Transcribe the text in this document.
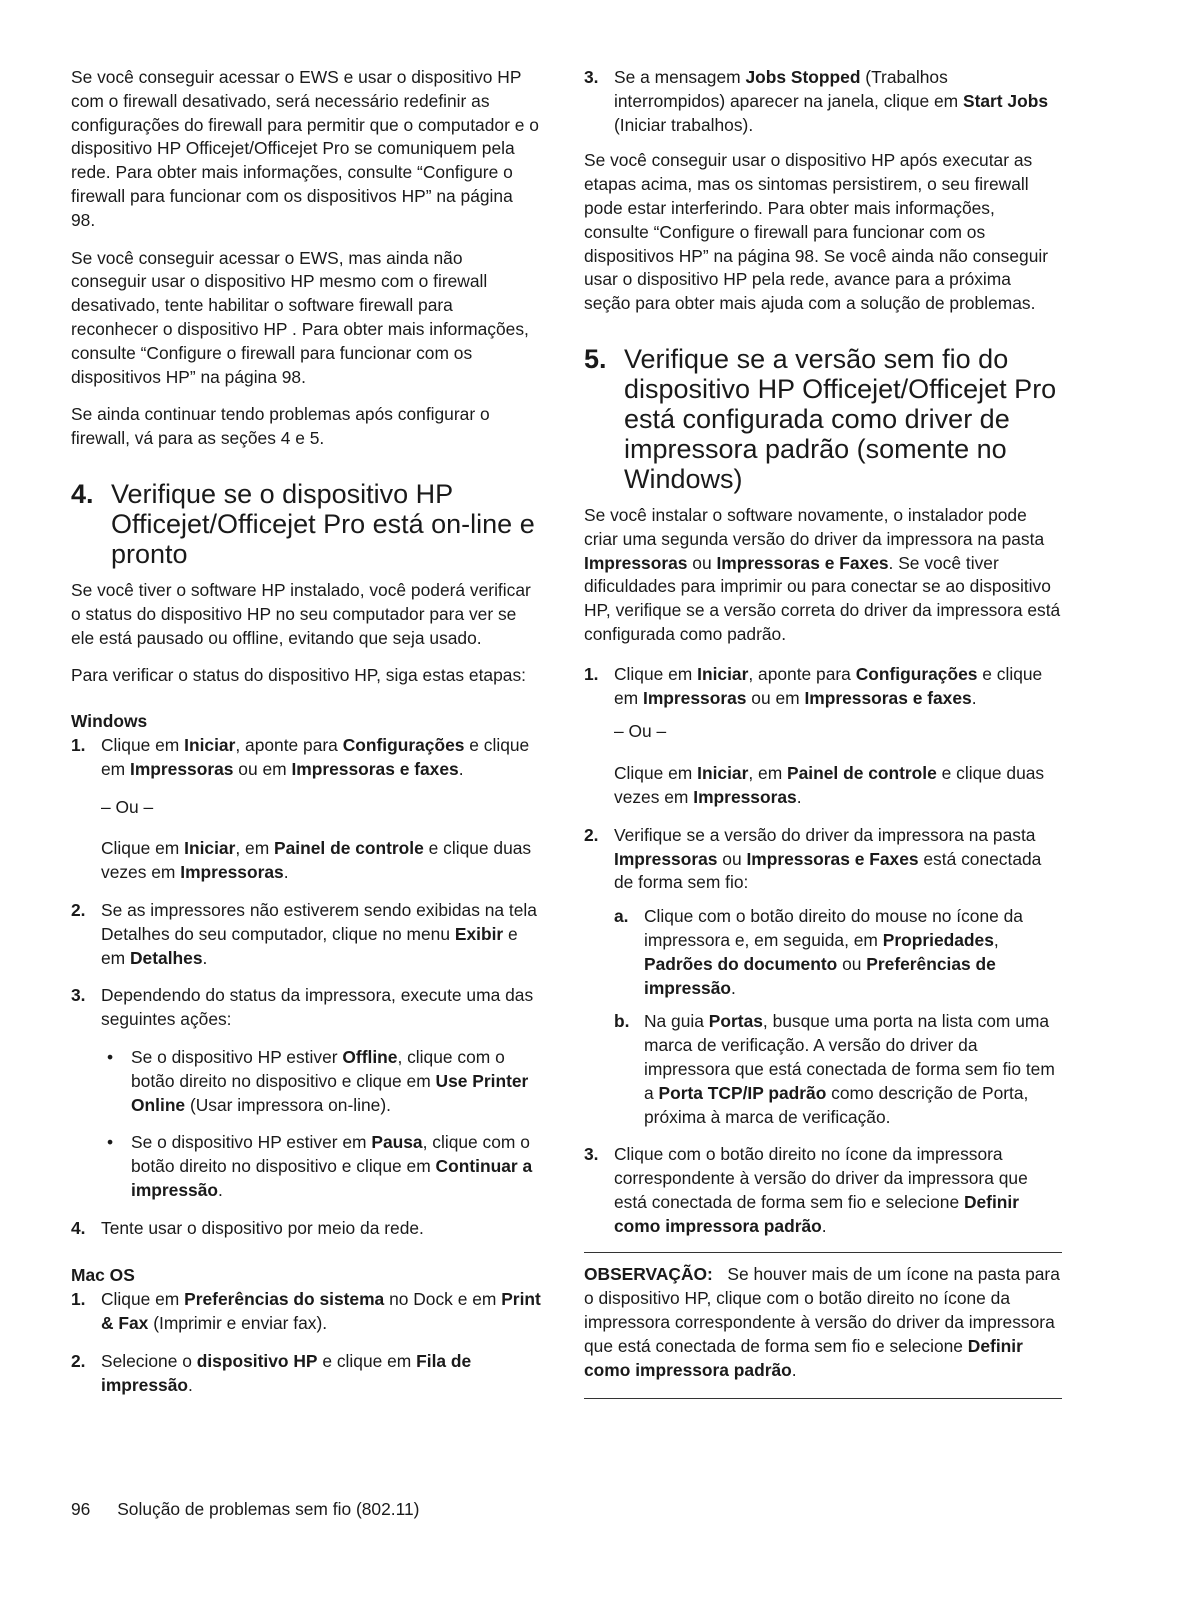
Se você conseguir acessar o EWS e usar o dispositivo HP com o firewall desativado, será necessário redefinir as configurações do firewall para permitir que o computador e o dispositivo HP Officejet/Officejet Pro se comuniquem pela rede. Para obter mais informações, consulte “Configure o firewall para funcionar com os dispositivos HP” na página 98.

Se você conseguir acessar o EWS, mas ainda não conseguir usar o dispositivo HP mesmo com o firewall desativado, tente habilitar o software firewall para reconhecer o dispositivo HP . Para obter mais informações, consulte “Configure o firewall para funcionar com os dispositivos HP” na página 98.

Se ainda continuar tendo problemas após configurar o firewall, vá para as seções 4 e 5.

4. Verifique se o dispositivo HP Officejet/Officejet Pro está on-line e pronto

Se você tiver o software HP instalado, você poderá verificar o status do dispositivo HP no seu computador para ver se ele está pausado ou offline, evitando que seja usado.

Para verificar o status do dispositivo HP, siga estas etapas:

Windows

1. Clique em Iniciar, aponte para Configurações e clique em Impressoras ou em Impressoras e faxes.
– Ou –
Clique em Iniciar, em Painel de controle e clique duas vezes em Impressoras.
2. Se as impressores não estiverem sendo exibidas na tela Detalhes do seu computador, clique no menu Exibir e em Detalhes.
3. Dependendo do status da impressora, execute uma das seguintes ações:
• Se o dispositivo HP estiver Offline, clique com o botão direito no dispositivo e clique em Use Printer Online (Usar impressora on-line).
• Se o dispositivo HP estiver em Pausa, clique com o botão direito no dispositivo e clique em Continuar a impressão.
4. Tente usar o dispositivo por meio da rede.

Mac OS

1. Clique em Preferências do sistema no Dock e em Print & Fax (Imprimir e enviar fax).
2. Selecione o dispositivo HP e clique em Fila de impressão.
3. Se a mensagem Jobs Stopped (Trabalhos interrompidos) aparecer na janela, clique em Start Jobs (Iniciar trabalhos).

Se você conseguir usar o dispositivo HP após executar as etapas acima, mas os sintomas persistirem, o seu firewall pode estar interferindo. Para obter mais informações, consulte “Configure o firewall para funcionar com os dispositivos HP” na página 98. Se você ainda não conseguir usar o dispositivo HP pela rede, avance para a próxima seção para obter mais ajuda com a solução de problemas.

5. Verifique se a versão sem fio do dispositivo HP Officejet/Officejet Pro está configurada como driver de impressora padrão (somente no Windows)

Se você instalar o software novamente, o instalador pode criar uma segunda versão do driver da impressora na pasta Impressoras ou Impressoras e Faxes. Se você tiver dificuldades para imprimir ou para conectar se ao dispositivo HP, verifique se a versão correta do driver da impressora está configurada como padrão.

1. Clique em Iniciar, aponte para Configurações e clique em Impressoras ou em Impressoras e faxes.
– Ou –
Clique em Iniciar, em Painel de controle e clique duas vezes em Impressoras.
2. Verifique se a versão do driver da impressora na pasta Impressoras ou Impressoras e Faxes está conectada de forma sem fio:
a. Clique com o botão direito do mouse no ícone da impressora e, em seguida, em Propriedades, Padrões do documento ou Preferências de impressão.
b. Na guia Portas, busque uma porta na lista com uma marca de verificação. A versão do driver da impressora que está conectada de forma sem fio tem a Porta TCP/IP padrão como descrição de Porta, próxima à marca de verificação.
3. Clique com o botão direito no ícone da impressora correspondente à versão do driver da impressora que está conectada de forma sem fio e selecione Definir como impressora padrão.

OBSERVAÇÃO:   Se houver mais de um ícone na pasta para o dispositivo HP, clique com o botão direito no ícone da impressora correspondente à versão do driver da impressora que está conectada de forma sem fio e selecione Definir como impressora padrão.

96 Solução de problemas sem fio (802.11)
